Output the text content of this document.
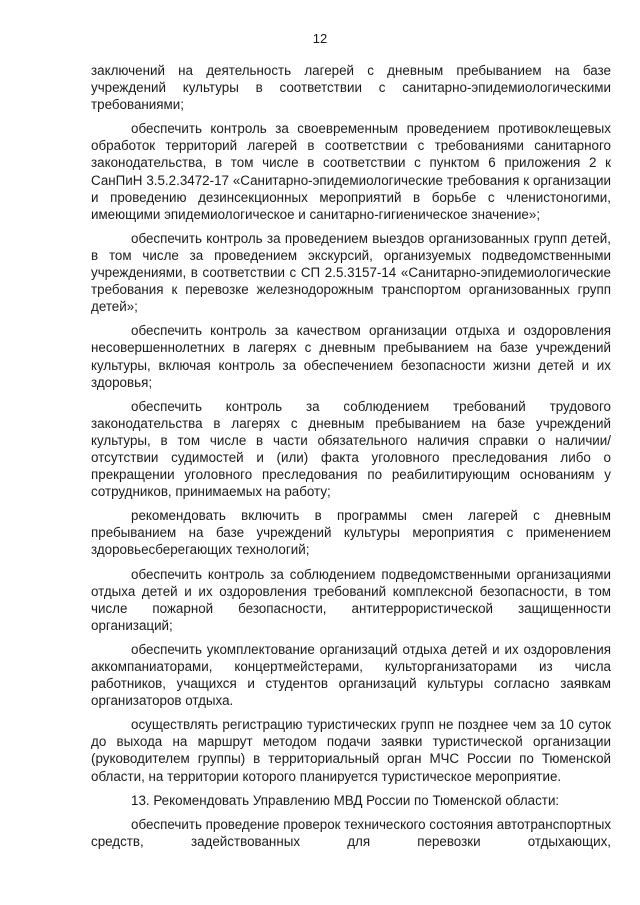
12

заключений на деятельность лагерей с дневным пребыванием на базе учреждений культуры в соответствии с санитарно-эпидемиологическими требованиями;

обеспечить контроль за своевременным проведением противоклещевых обработок территорий лагерей в соответствии с требованиями санитарного законодательства, в том числе в соответствии с пунктом 6 приложения 2 к СанПиН 3.5.2.3472-17 «Санитарно-эпидемиологические требования к организации и проведению дезинсекционных мероприятий в борьбе с членистоногими, имеющими эпидемиологическое и санитарно-гигиеническое значение»;

обеспечить контроль за проведением выездов организованных групп детей, в том числе за проведением экскурсий, организуемых подведомственными учреждениями, в соответствии с СП 2.5.3157-14 «Санитарно-эпидемиологические требования к перевозке железнодорожным транспортом организованных групп детей»;

обеспечить контроль за качеством организации отдыха и оздоровления несовершеннолетних в лагерях с дневным пребыванием на базе учреждений культуры, включая контроль за обеспечением безопасности жизни детей и их здоровья;

обеспечить контроль за соблюдением требований трудового законодательства в лагерях с дневным пребыванием на базе учреждений культуры, в том числе в части обязательного наличия справки о наличии/отсутствии судимостей и (или) факта уголовного преследования либо о прекращении уголовного преследования по реабилитирующим основаниям у сотрудников, принимаемых на работу;

рекомендовать включить в программы смен лагерей с дневным пребыванием на базе учреждений культуры мероприятия с применением здоровьесберегающих технологий;

обеспечить контроль за соблюдением подведомственными организациями отдыха детей и их оздоровления требований комплексной безопасности, в том числе пожарной безопасности, антитеррористической защищенности организаций;

обеспечить укомплектование организаций отдыха детей и их оздоровления аккомпаниаторами, концертмейстерами, культорганизаторами из числа работников, учащихся и студентов организаций культуры согласно заявкам организаторов отдыха.

осуществлять регистрацию туристических групп не позднее чем за 10 суток до выхода на маршрут методом подачи заявки туристической организации (руководителем группы) в территориальный орган МЧС России по Тюменской области, на территории которого планируется туристическое мероприятие.

13. Рекомендовать Управлению МВД России по Тюменской области:

обеспечить проведение проверок технического состояния автотранспортных средств, задействованных для перевозки отдыхающих,
